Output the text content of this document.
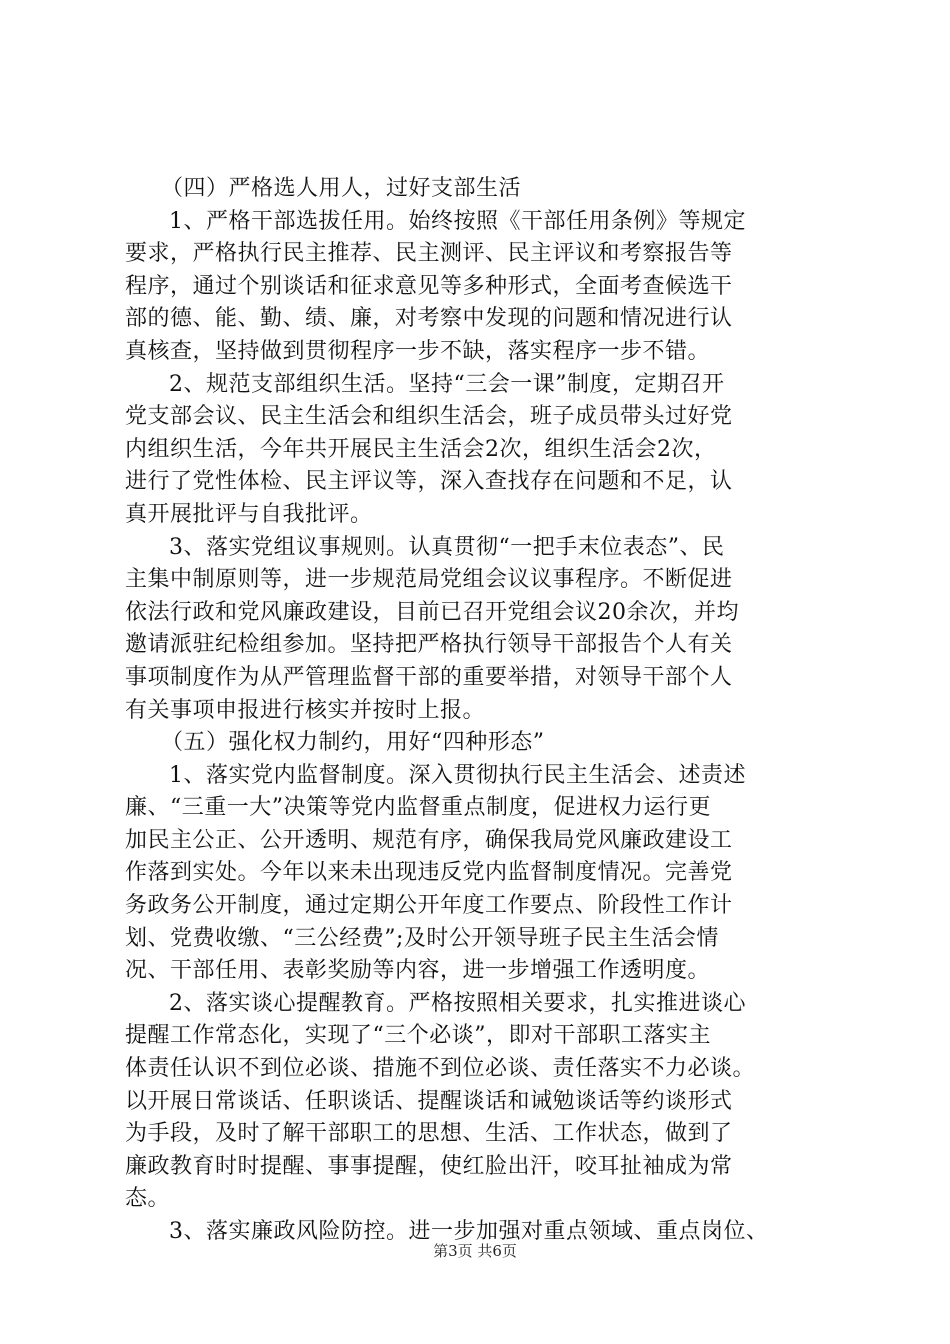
（四）严格选人用人，过好支部生活
1、严格干部选拔任用。始终按照《干部任用条例》等规定
要求，严格执行民主推荐、民主测评、民主评议和考察报告等
程序，通过个别谈话和征求意见等多种形式，全面考查候选干
部的德、能、勤、绩、廉，对考察中发现的问题和情况进行认
真核查，坚持做到贯彻程序一步不缺，落实程序一步不错。
2、规范支部组织生活。坚持“三会一课”制度，定期召开
党支部会议、民主生活会和组织生活会，班子成员带头过好党
内组织生活，今年共开展民主生活会2次，组织生活会2次，
进行了党性体检、民主评议等，深入查找存在问题和不足，认
真开展批评与自我批评。
3、落实党组议事规则。认真贯彻“一把手末位表态”、民
主集中制原则等，进一步规范局党组会议议事程序。不断促进
依法行政和党风廉政建设，目前已召开党组会议20余次，并均
邀请派驻纪检组参加。坚持把严格执行领导干部报告个人有关
事项制度作为从严管理监督干部的重要举措，对领导干部个人
有关事项申报进行核实并按时上报。
（五）强化权力制约，用好“四种形态”
1、落实党内监督制度。深入贯彻执行民主生活会、述责述
廉、“三重一大”决策等党内监督重点制度，促进权力运行更
加民主公正、公开透明、规范有序，确保我局党风廉政建设工
作落到实处。今年以来未出现违反党内监督制度情况。完善党
务政务公开制度，通过定期公开年度工作要点、阶段性工作计
划、党费收缴、“三公经费”;及时公开领导班子民主生活会情
况、干部任用、表彰奖励等内容，进一步增强工作透明度。
2、落实谈心提醒教育。严格按照相关要求，扎实推进谈心
提醒工作常态化，实现了“三个必谈”，即对干部职工落实主
体责任认识不到位必谈、措施不到位必谈、责任落实不力必谈。
以开展日常谈话、任职谈话、提醒谈话和诫勉谈话等约谈形式
为手段，及时了解干部职工的思想、生活、工作状态，做到了
廉政教育时时提醒、事事提醒，使红脸出汗，咬耳扯袖成为常
态。
3、落实廉政风险防控。进一步加强对重点领域、重点岗位、
第3页 共6页
